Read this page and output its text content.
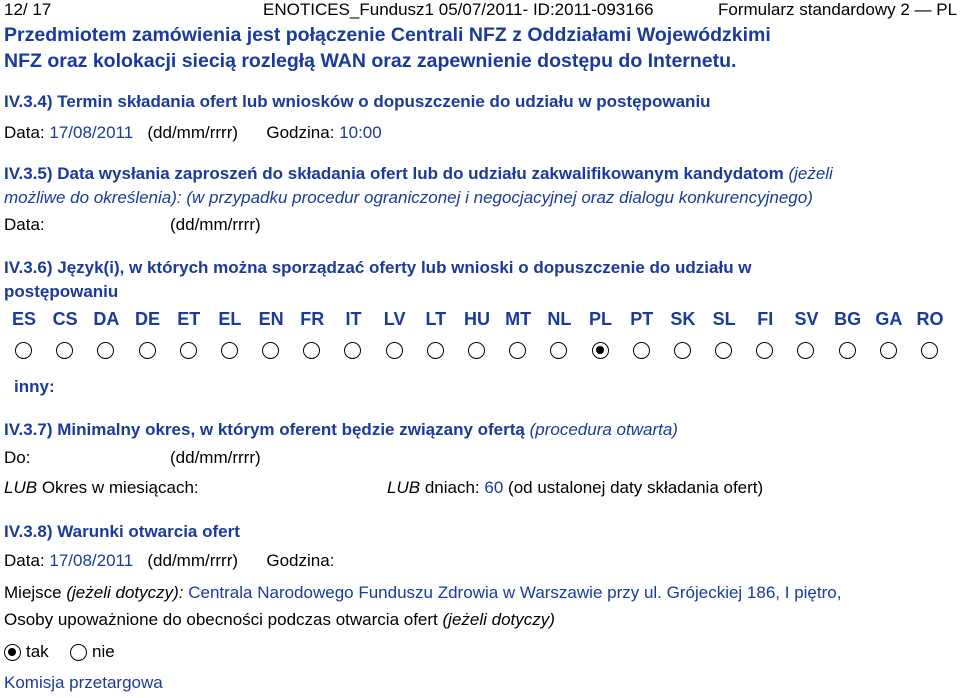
12/ 17	ENOTICES_Fundusz1 05/07/2011- ID:2011-093166	Formularz standardowy 2 — PL
Przedmiotem zamówienia jest połączenie Centrali NFZ z Oddziałami Wojewódzkimi
NFZ oraz kolokacji siecią rozległą WAN oraz zapewnienie dostępu do Internetu.
IV.3.4) Termin składania ofert lub wniosków o dopuszczenie do udziału w postępowaniu
Data: 17/08/2011 (dd/mm/rrrr) Godzina: 10:00
IV.3.5) Data wysłania zaproszeń do składania ofert lub do udziału zakwalifikowanym kandydatom (jeżeli
możliwe do określenia): (w przypadku procedur ograniczonej i negocjacyjnej oraz dialogu konkurencyjnego)
Data:	(dd/mm/rrrr)
IV.3.6) Język(i), w których można sporządzać oferty lub wnioski o dopuszczenie do udziału w
postępowaniu
ES CS DA DE ET EL EN FR IT LV LT HU MT NL PL PT SK SL FI SV BG GA RO
inny:
IV.3.7) Minimalny okres, w którym oferent będzie związany ofertą (procedura otwarta)
Do:	(dd/mm/rrrr)
LUB Okres w miesiącach:	LUB dniach: 60 (od ustalonej daty składania ofert)
IV.3.8) Warunki otwarcia ofert
Data: 17/08/2011 (dd/mm/rrrr) Godzina:
Miejsce (jeżeli dotyczy): Centrala Narodowego Funduszu Zdrowia w Warszawie przy ul. Grójeckiej 186, I piętro,
Osoby upoważnione do obecności podczas otwarcia ofert (jeżeli dotyczy)
tak	nie
Komisja przetargowa
